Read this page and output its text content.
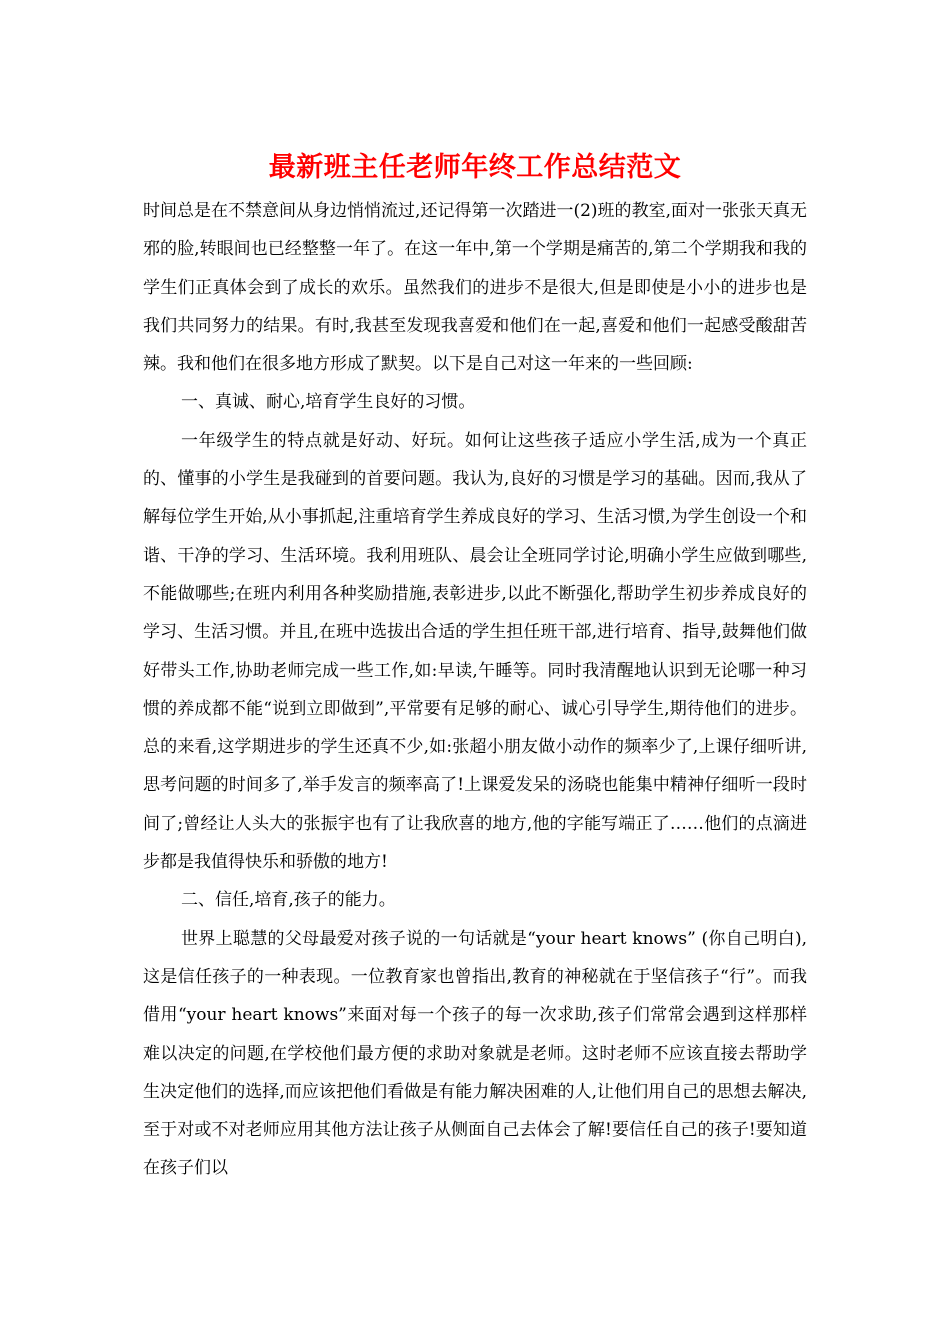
最新班主任老师年终工作总结范文

时间总是在不禁意间从身边悄悄流过,还记得第一次踏进一(2)班的教室,面对一张张天真无邪的脸,转眼间也已经整整一年了。在这一年中,第一个学期是痛苦的,第二个学期我和我的学生们正真体会到了成长的欢乐。虽然我们的进步不是很大,但是即使是小小的进步也是我们共同努力的结果。有时,我甚至发现我喜爱和他们在一起,喜爱和他们一起感受酸甜苦辣。我和他们在很多地方形成了默契。以下是自己对这一年来的一些回顾:

一、真诚、耐心,培育学生良好的习惯。

一年级学生的特点就是好动、好玩。如何让这些孩子适应小学生活,成为一个真正的、懂事的小学生是我碰到的首要问题。我认为,良好的习惯是学习的基础。因而,我从了解每位学生开始,从小事抓起,注重培育学生养成良好的学习、生活习惯,为学生创设一个和谐、干净的学习、生活环境。我利用班队、晨会让全班同学讨论,明确小学生应做到哪些,不能做哪些;在班内利用各种奖励措施,表彰进步,以此不断强化,帮助学生初步养成良好的学习、生活习惯。并且,在班中选拔出合适的学生担任班干部,进行培育、指导,鼓舞他们做好带头工作,协助老师完成一些工作,如:早读,午睡等。同时我清醒地认识到无论哪一种习惯的养成都不能“说到立即做到”,平常要有足够的耐心、诚心引导学生,期待他们的进步。总的来看,这学期进步的学生还真不少,如:张超小朋友做小动作的频率少了,上课仔细听讲,思考问题的时间多了,举手发言的频率高了!上课爱发呆的汤晓也能集中精神仔细听一段时间了;曾经让人头大的张振宇也有了让我欣喜的地方,他的字能写端正了……他们的点滴进步都是我值得快乐和骄傲的地方!

二、信任,培育,孩子的能力。

世界上聪慧的父母最爱对孩子说的一句话就是“your heart knows” (你自己明白),这是信任孩子的一种表现。一位教育家也曾指出,教育的神秘就在于坚信孩子“行”。而我借用“your heart knows”来面对每一个孩子的每一次求助,孩子们常常会遇到这样那样难以决定的问题,在学校他们最方便的求助对象就是老师。这时老师不应该直接去帮助学生决定他们的选择,而应该把他们看做是有能力解决困难的人,让他们用自己的思想去解决,至于对或不对老师应用其他方法让孩子从侧面自己去体会了解!要信任自己的孩子!要知道在孩子们以
